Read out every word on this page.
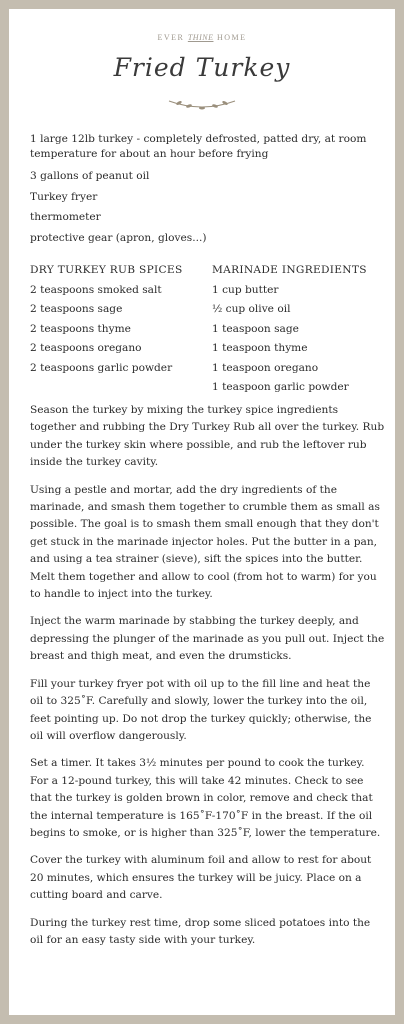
EVER THINE HOME
Fried Turkey
1 large 12lb turkey - completely defrosted, patted dry, at room temperature for about an hour before frying
3 gallons of peanut oil
Turkey fryer
thermometer
protective gear (apron, gloves...)
DRY TURKEY RUB SPICES
2 teaspoons smoked salt
2 teaspoons sage
2 teaspoons thyme
2 teaspoons oregano
2 teaspoons garlic powder
MARINADE INGREDIENTS
1 cup butter
½ cup olive oil
1 teaspoon sage
1 teaspoon thyme
1 teaspoon oregano
1 teaspoon garlic powder

Season the turkey by mixing the turkey spice ingredients together and rubbing the Dry Turkey Rub all over the turkey. Rub under the turkey skin where possible, and rub the leftover rub inside the turkey cavity.

Using a pestle and mortar, add the dry ingredients of the marinade, and smash them together to crumble them as small as possible. The goal is to smash them small enough that they don't get stuck in the marinade injector holes. Put the butter in a pan, and using a tea strainer (sieve), sift the spices into the butter. Melt them together and allow to cool (from hot to warm) for you to handle to inject into the turkey.

Inject the warm marinade by stabbing the turkey deeply, and depressing the plunger of the marinade as you pull out. Inject the breast and thigh meat, and even the drumsticks.

Fill your turkey fryer pot with oil up to the fill line and heat the oil to 325˚F. Carefully and slowly, lower the turkey into the oil, feet pointing up. Do not drop the turkey quickly; otherwise, the oil will overflow dangerously.

Set a timer. It takes 3½ minutes per pound to cook the turkey. For a 12-pound turkey, this will take 42 minutes. Check to see that the turkey is golden brown in color, remove and check that the internal temperature is 165˚F-170˚F in the breast. If the oil begins to smoke, or is higher than 325˚F, lower the temperature.

Cover the turkey with aluminum foil and allow to rest for about 20 minutes, which ensures the turkey will be juicy. Place on a cutting board and carve.

During the turkey rest time, drop some sliced potatoes into the oil for an easy tasty side with your turkey.
